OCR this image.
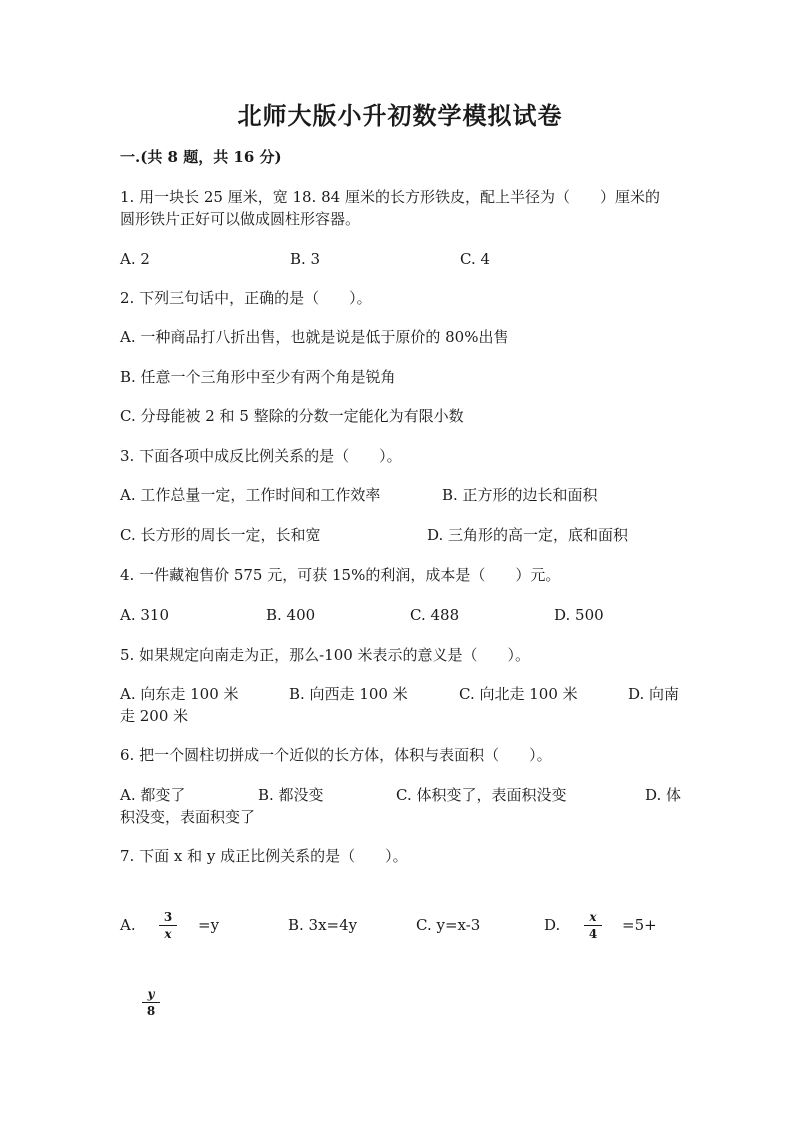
北师大版小升初数学模拟试卷
一.(共 8 题，共 16 分)
1. 用一块长 25 厘米，宽 18. 84 厘米的长方形铁皮，配上半径为（　　）厘米的
圆形铁片正好可以做成圆柱形容器。
A. 2	B. 3	C. 4
2. 下列三句话中，正确的是（　　）。
A. 一种商品打八折出售，也就是说是低于原价的 80%出售
B. 任意一个三角形中至少有两个角是锐角
C. 分母能被 2 和 5 整除的分数一定能化为有限小数
3. 下面各项中成反比例关系的是（　　）。
A. 工作总量一定，工作时间和工作效率	B. 正方形的边长和面积
C. 长方形的周长一定，长和宽	D. 三角形的高一定，底和面积
4. 一件藏袍售价 575 元，可获 15%的利润，成本是（　　）元。
A. 310	B. 400	C. 488	D. 500
5. 如果规定向南走为正，那么-100 米表示的意义是（　　）。
A. 向东走 100 米	B. 向西走 100 米	C. 向北走 100 米	D. 向南
走 200 米
6. 把一个圆柱切拼成一个近似的长方体，体积与表面积（　　）。
A. 都变了	B. 都没变	C. 体积变了，表面积没变	D. 体
积没变，表面积变了
7. 下面 x 和 y 成正比例关系的是（　　）。
A.	3
x	=y	B. 3x=4y	C. y=x-3	D.	x
4	=5+
y
8
